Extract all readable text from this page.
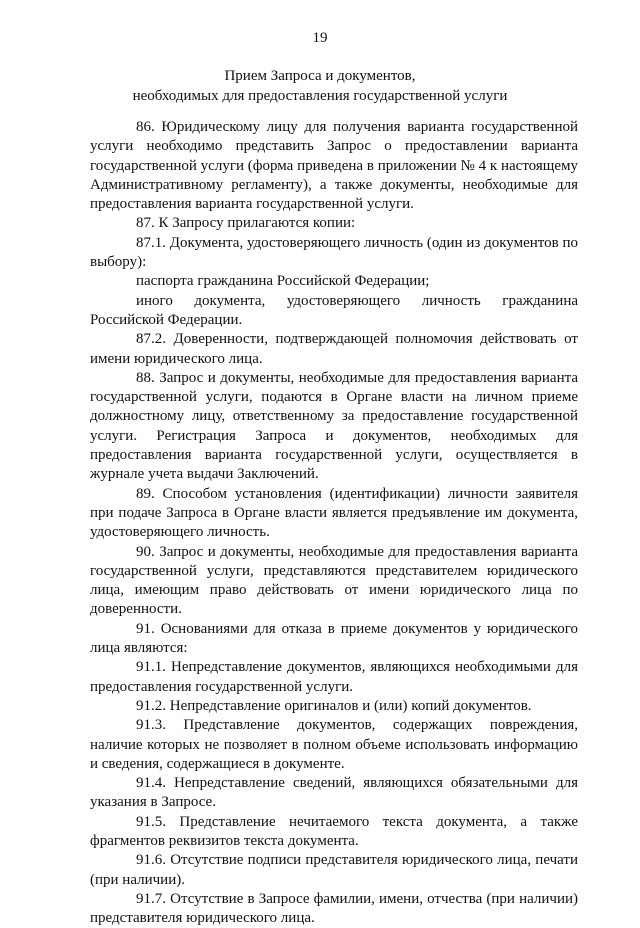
19
Прием Запроса и документов,
необходимых для предоставления государственной услуги

86. Юридическому лицу для получения варианта государственной услуги необходимо представить Запрос о предоставлении варианта государственной услуги (форма приведена в приложении № 4 к настоящему Административному регламенту), а также документы, необходимые для предоставления варианта государственной услуги.

87. К Запросу прилагаются копии:

87.1. Документа, удостоверяющего личность (один из документов по выбору):

паспорта гражданина Российской Федерации;

иного документа, удостоверяющего личность гражданина Российской Федерации.

87.2. Доверенности, подтверждающей полномочия действовать от имени юридического лица.

88. Запрос и документы, необходимые для предоставления варианта государственной услуги, подаются в Органе власти на личном приеме должностному лицу, ответственному за предоставление государственной услуги. Регистрация Запроса и документов, необходимых для предоставления варианта государственной услуги, осуществляется в журнале учета выдачи Заключений.

89. Способом установления (идентификации) личности заявителя при подаче Запроса в Органе власти является предъявление им документа, удостоверяющего личность.

90. Запрос и документы, необходимые для предоставления варианта государственной услуги, представляются представителем юридического лица, имеющим право действовать от имени юридического лица по доверенности.

91. Основаниями для отказа в приеме документов у юридического лица являются:

91.1. Непредставление документов, являющихся необходимыми для предоставления государственной услуги.

91.2. Непредставление оригиналов и (или) копий документов.

91.3. Представление документов, содержащих повреждения, наличие которых не позволяет в полном объеме использовать информацию и сведения, содержащиеся в документе.

91.4. Непредставление сведений, являющихся обязательными для указания в Запросе.

91.5. Представление нечитаемого текста документа, а также фрагментов реквизитов текста документа.

91.6. Отсутствие подписи представителя юридического лица, печати (при наличии).

91.7. Отсутствие в Запросе фамилии, имени, отчества (при наличии) представителя юридического лица.
